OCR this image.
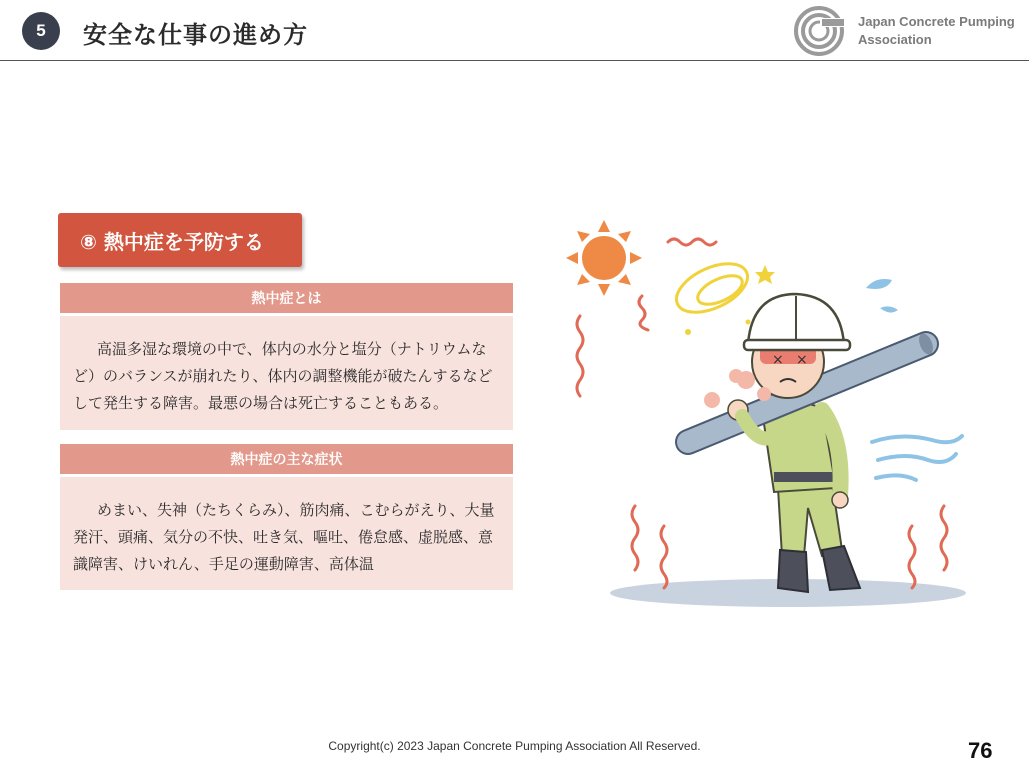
5	安全な仕事の進め方	Japan Concrete Pumping
Association
⑧ 熱中症を予防する
熱中症とは
高温多湿な環境の中で、体内の水分と塩分（ナトリウムなど）のバランスが崩れたり、体内の調整機能が破たんするなどして発生する障害。最悪の場合は死亡することもある。
熱中症の主な症状
めまい、失神（たちくらみ）、筋肉痛、こむらがえり、大量発汗、頭痛、気分の不快、吐き気、嘔吐、倦怠感、虚脱感、意識障害、けいれん、手足の運動障害、高体温
× ×
Copyright(c) 2023 Japan Concrete Pumping Association All Reserved.	76
